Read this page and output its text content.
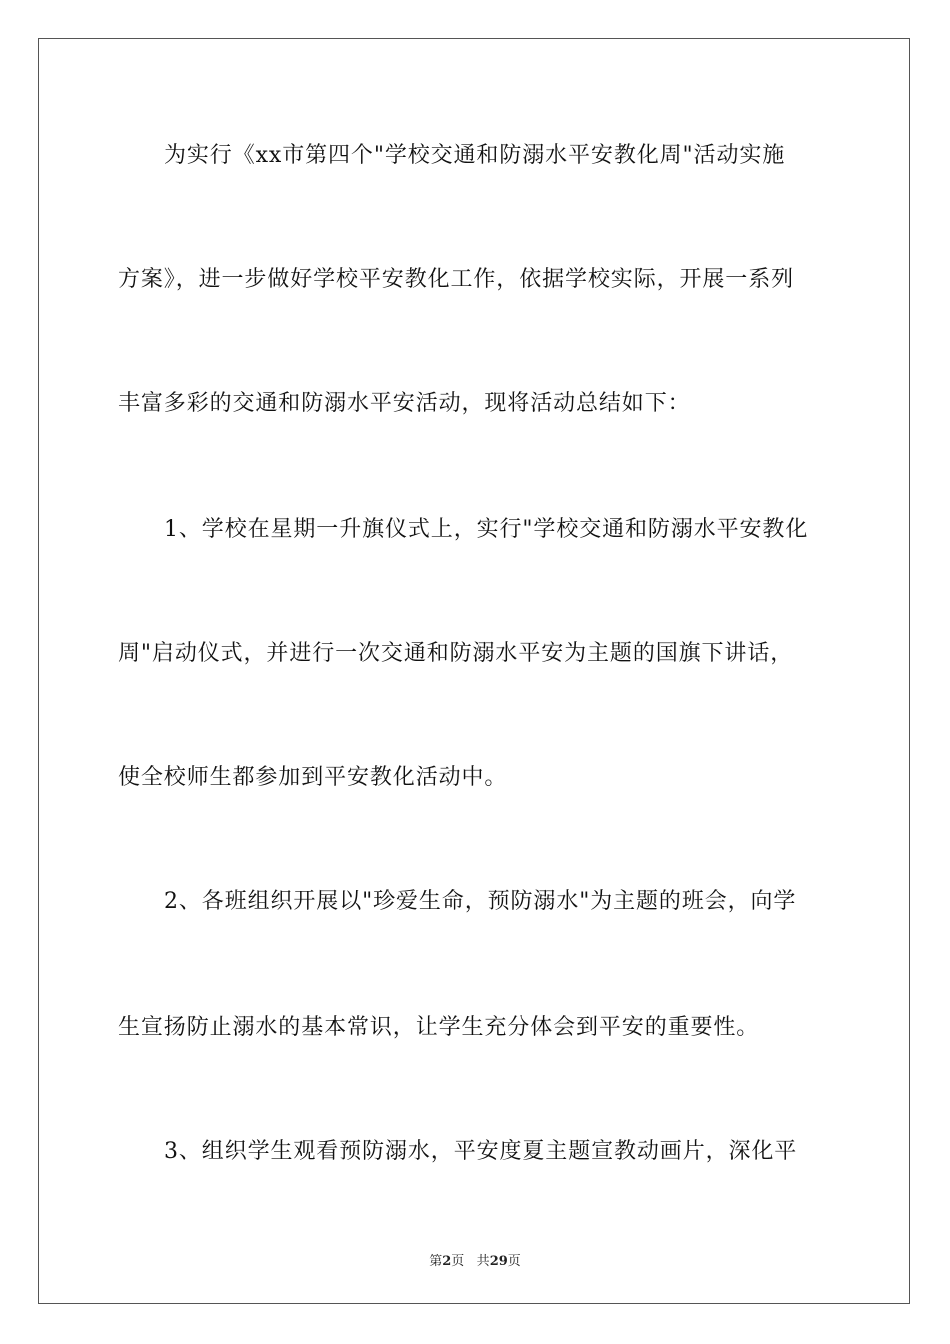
为实行《xx市第四个"学校交通和防溺水平安教化周"活动实施
方案》，进一步做好学校平安教化工作，依据学校实际，开展一系列
丰富多彩的交通和防溺水平安活动，现将活动总结如下：
1、学校在星期一升旗仪式上，实行"学校交通和防溺水平安教化
周"启动仪式，并进行一次交通和防溺水平安为主题的国旗下讲话，
使全校师生都参加到平安教化活动中。
2、各班组织开展以"珍爱生命，预防溺水"为主题的班会，向学
生宣扬防止溺水的基本常识，让学生充分体会到平安的重要性。
3、组织学生观看预防溺水，平安度夏主题宣教动画片，深化平
第2页 共29页
